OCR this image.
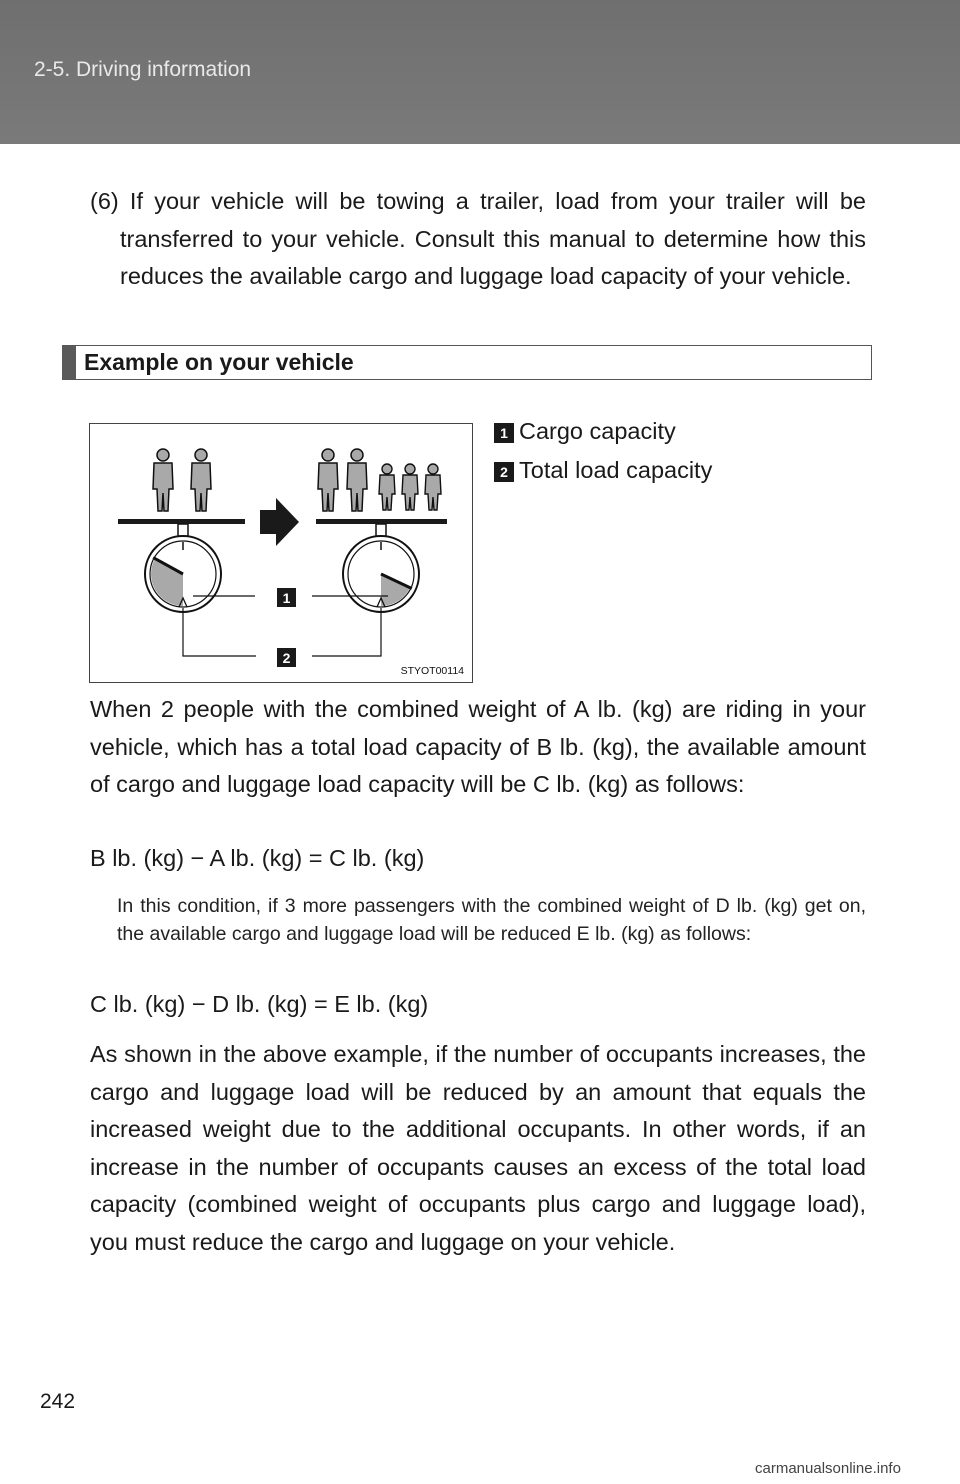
2-5. Driving information

(6) If your vehicle will be towing a trailer, load from your trailer will be transferred to your vehicle. Consult this manual to determine how this reduces the available cargo and luggage load capacity of your vehicle.

Example on your vehicle
1
2
STYOT00114
1 Cargo capacity
2 Total load capacity

When 2 people with the combined weight of A lb. (kg) are riding in your vehicle, which has a total load capacity of B lb. (kg), the available amount of cargo and luggage load capacity will be C lb. (kg) as follows:

B lb. (kg) − A lb. (kg) = C lb. (kg)

In this condition, if 3 more passengers with the combined weight of D lb. (kg) get on, the available cargo and luggage load will be reduced E lb. (kg) as follows:

C lb. (kg) − D lb. (kg) = E lb. (kg)

As shown in the above example, if the number of occupants increases, the cargo and luggage load will be reduced by an amount that equals the increased weight due to the additional occupants. In other words, if an increase in the number of occupants causes an excess of the total load capacity (combined weight of occupants plus cargo and luggage load), you must reduce the cargo and luggage on your vehicle.

242
carmanualsonline.info
